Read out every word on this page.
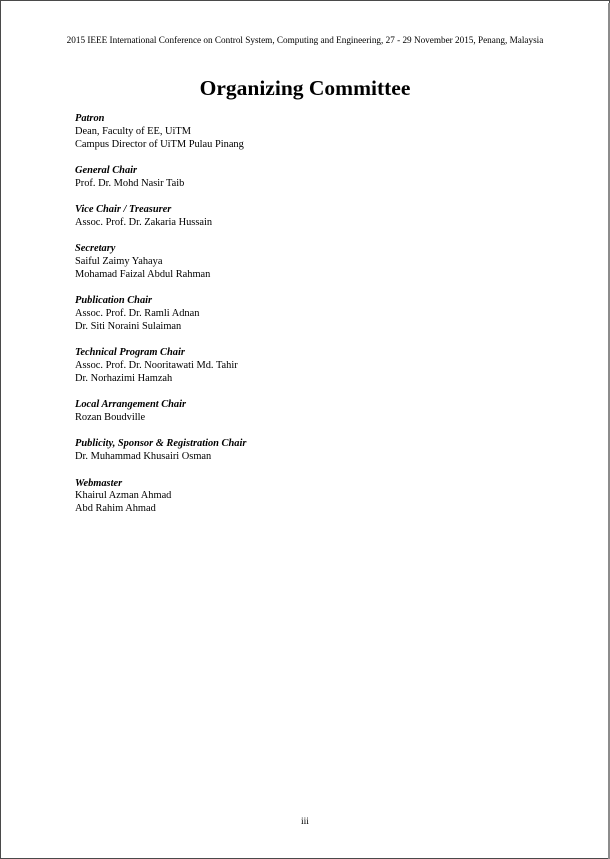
2015 IEEE International Conference on Control System, Computing and Engineering, 27 - 29 November 2015, Penang, Malaysia
Organizing Committee
Patron
Dean, Faculty of EE, UiTM
Campus Director of UiTM Pulau Pinang
General Chair
Prof. Dr. Mohd Nasir Taib
Vice Chair / Treasurer
Assoc. Prof. Dr. Zakaria Hussain
Secretary
Saiful Zaimy Yahaya
Mohamad Faizal Abdul Rahman
Publication Chair
Assoc. Prof. Dr. Ramli Adnan
Dr. Siti Noraini Sulaiman
Technical Program Chair
Assoc. Prof. Dr. Nooritawati Md. Tahir
Dr. Norhazimi Hamzah
Local Arrangement Chair
Rozan Boudville
Publicity, Sponsor & Registration Chair
Dr. Muhammad Khusairi Osman
Webmaster
Khairul Azman Ahmad
Abd Rahim Ahmad
iii
